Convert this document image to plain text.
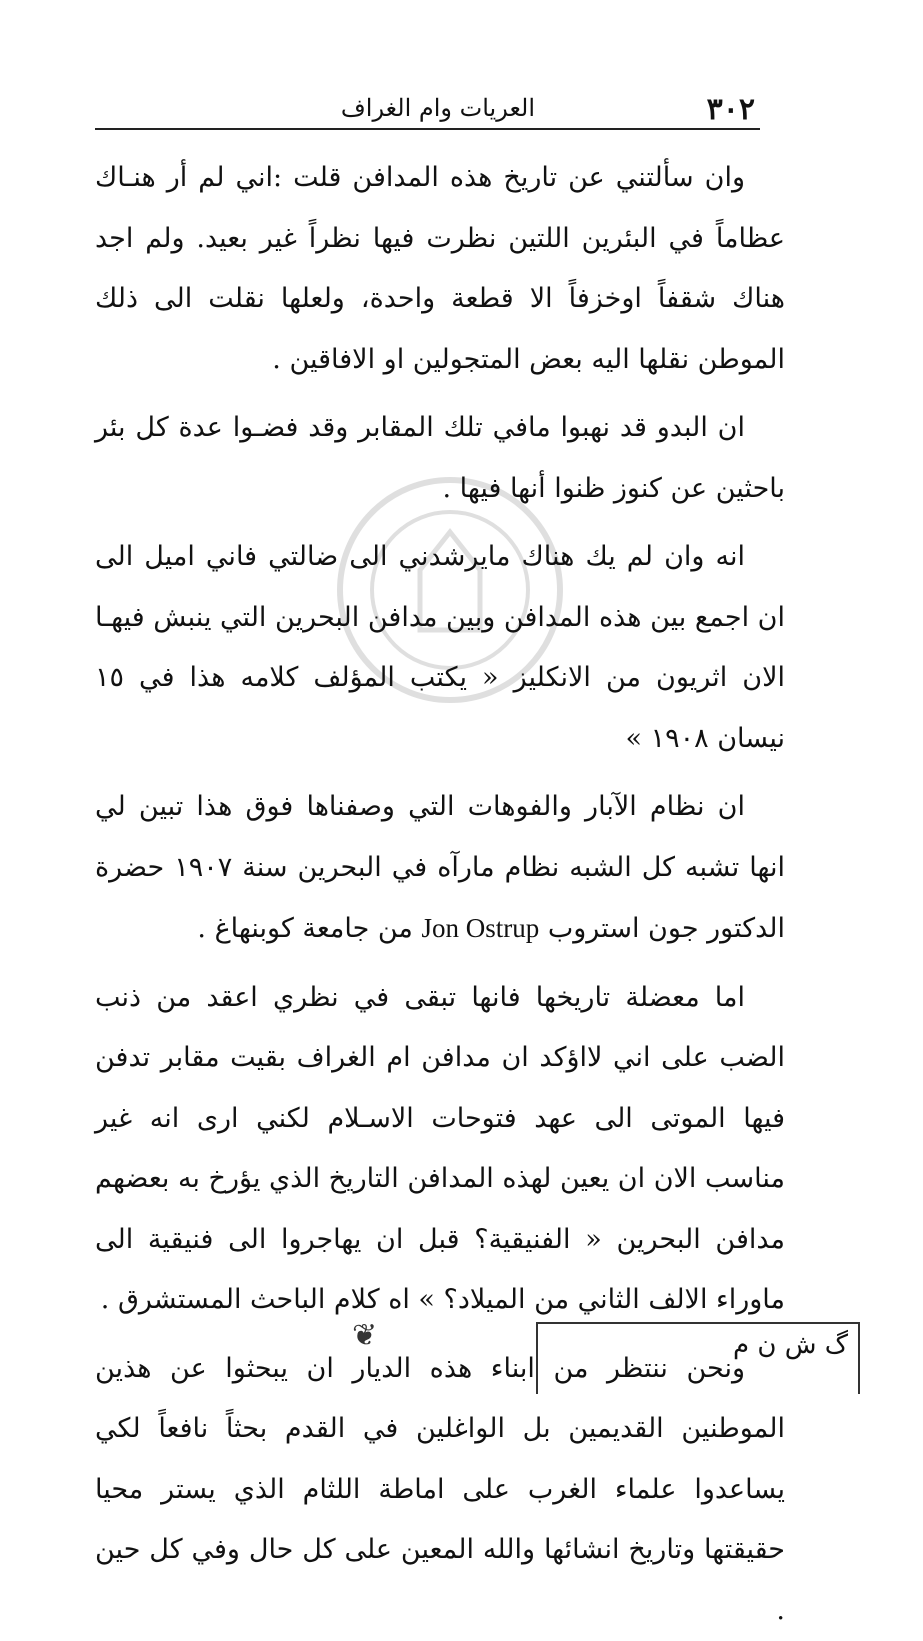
٣٠٢
العريات وام الغراف

وان سألتني عن تاريخ هذه المدافن قلت :اني لم أر هنـاك عظاماً في البئرين اللتين نظرت فيها نظراً غير بعيد. ولم اجد هناك شقفاً اوخزفاً الا قطعة واحدة، ولعلها نقلت الى ذلك الموطن نقلها اليه بعض المتجولين او الافاقين .

ان البدو قد نهبوا مافي تلك المقابر وقد فضـوا عدة كل بئر باحثين عن كنوز ظنوا أنها فيها .

انه وان لم يك هناك مايرشدني الى ضالتي فاني اميل الى ان اجمع بين هذه المدافن وبين مدافن البحرين التي ينبش فيهـا الان اثريون من الانكليز « يكتب المؤلف كلامه هذا في ١٥ نيسان ١٩٠٨ »

ان نظام الآبار والفوهات التي وصفناها فوق هذا تبين لي انها تشبه كل الشبه نظام مارآه في البحرين سنة ١٩٠٧ حضرة الدكتور جون استروب Jon Ostrup من جامعة كوبنهاغ .

اما معضلة تاريخها فانها تبقى في نظري اعقد من ذنب الضب على اني لااؤكد ان مدافن ام الغراف بقيت مقابر تدفن فيها الموتى الى عهد فتوحات الاسـلام لكني ارى انه غير مناسب الان ان يعين لهذه المدافن التاريخ الذي يؤرخ به بعضهم مدافن البحرين « الفنيقية؟ قبل ان يهاجروا الى فنيقية الى ماوراء الالف الثاني من الميلاد؟ » اه كلام الباحث المستشرق .

ونحن ننتظر من ابناء هذه الديار ان يبحثوا عن هذين الموطنين القديمين بل الواغلين في القدم بحثاً نافعاً لكي يساعدوا علماء الغرب على اماطة اللثام الذي يستر محيا حقيقتها وتاريخ انشائها والله المعين على كل حال وفي كل حين .

❦	گ ش ن م
